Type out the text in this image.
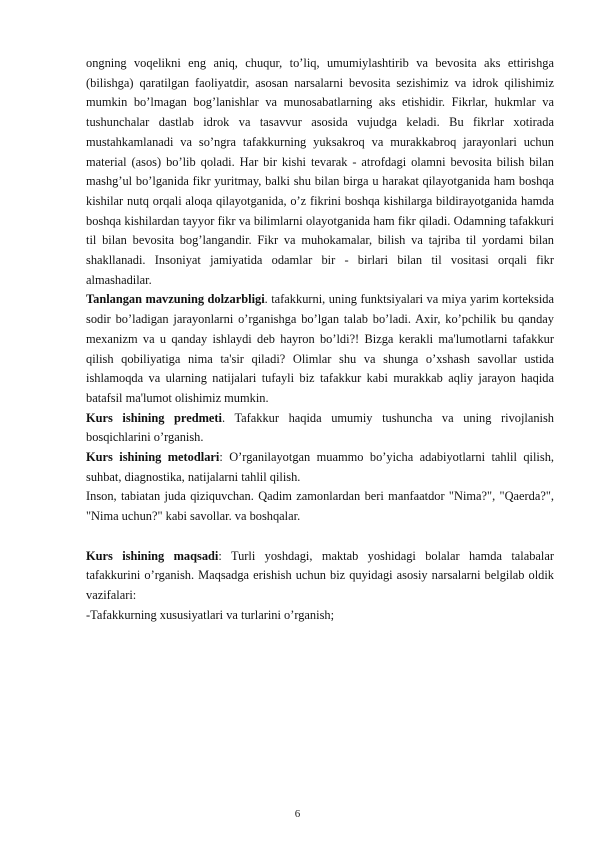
ongning voqelikni eng aniq, chuqur, to’liq, umumiylashtirib va bevosita aks ettirishga (bilishga) qaratilgan faoliyatdir, asosan narsalarni bevosita sezishimiz va idrok qilishimiz mumkin bo’lmagan bog’lanishlar va munosabatlarning aks etishidir. Fikrlar, hukmlar va tushunchalar dastlab idrok va tasavvur asosida vujudga keladi. Bu fikrlar xotirada mustahkamlanadi va so’ngra tafakkurning yuksakroq va murakkabroq jarayonlari uchun material (asos) bo’lib qoladi. Har bir kishi tevarak - atrofdagi olamni bevosita bilish bilan mashg’ul bo’lganida fikr yuritmay, balki shu bilan birga u harakat qilayotganida ham boshqa kishilar nutq orqali aloqa qilayotganida, o’z fikrini boshqa kishilarga bildirayotganida hamda boshqa kishilardan tayyor fikr va bilimlarni olayotganida ham fikr qiladi. Odamning tafakkuri til bilan bevosita bog’langandir. Fikr va muhokamalar, bilish va tajriba til yordami bilan shakllanadi. Insoniyat jamiyatida odamlar bir - birlari bilan til vositasi orqali fikr almashadilar.

Tanlangan mavzuning dolzarbligi. tafakkurni, uning funktsiyalari va miya yarim korteksida sodir bo’ladigan jarayonlarni o’rganishga bo’lgan talab bo’ladi. Axir, ko’pchilik bu qanday mexanizm va u qanday ishlaydi deb hayron bo’ldi?! Bizga kerakli ma'lumotlarni tafakkur qilish qobiliyatiga nima ta'sir qiladi? Olimlar shu va shunga o’xshash savollar ustida ishlamoqda va ularning natijalari tufayli biz tafakkur kabi murakkab aqliy jarayon haqida batafsil ma'lumot olishimiz mumkin.

Kurs ishining predmeti. Tafakkur haqida umumiy tushuncha va uning rivojlanish bosqichlarini o’rganish.

Kurs ishining metodlari: O’rganilayotgan muammo bo’yicha adabiyotlarni tahlil qilish, suhbat, diagnostika, natijalarni tahlil qilish.

Inson, tabiatan juda qiziquvchan. Qadim zamonlardan beri manfaatdor "Nima?", "Qaerda?", "Nima uchun?" kabi savollar. va boshqalar.

Kurs ishining maqsadi: Turli yoshdagi, maktab yoshidagi bolalar hamda talabalar tafakkurini o’rganish. Maqsadga erishish uchun biz quyidagi asosiy narsalarni belgilab oldik vazifalari:

-Tafakkurning xususiyatlari va turlarini o’rganish;

6
